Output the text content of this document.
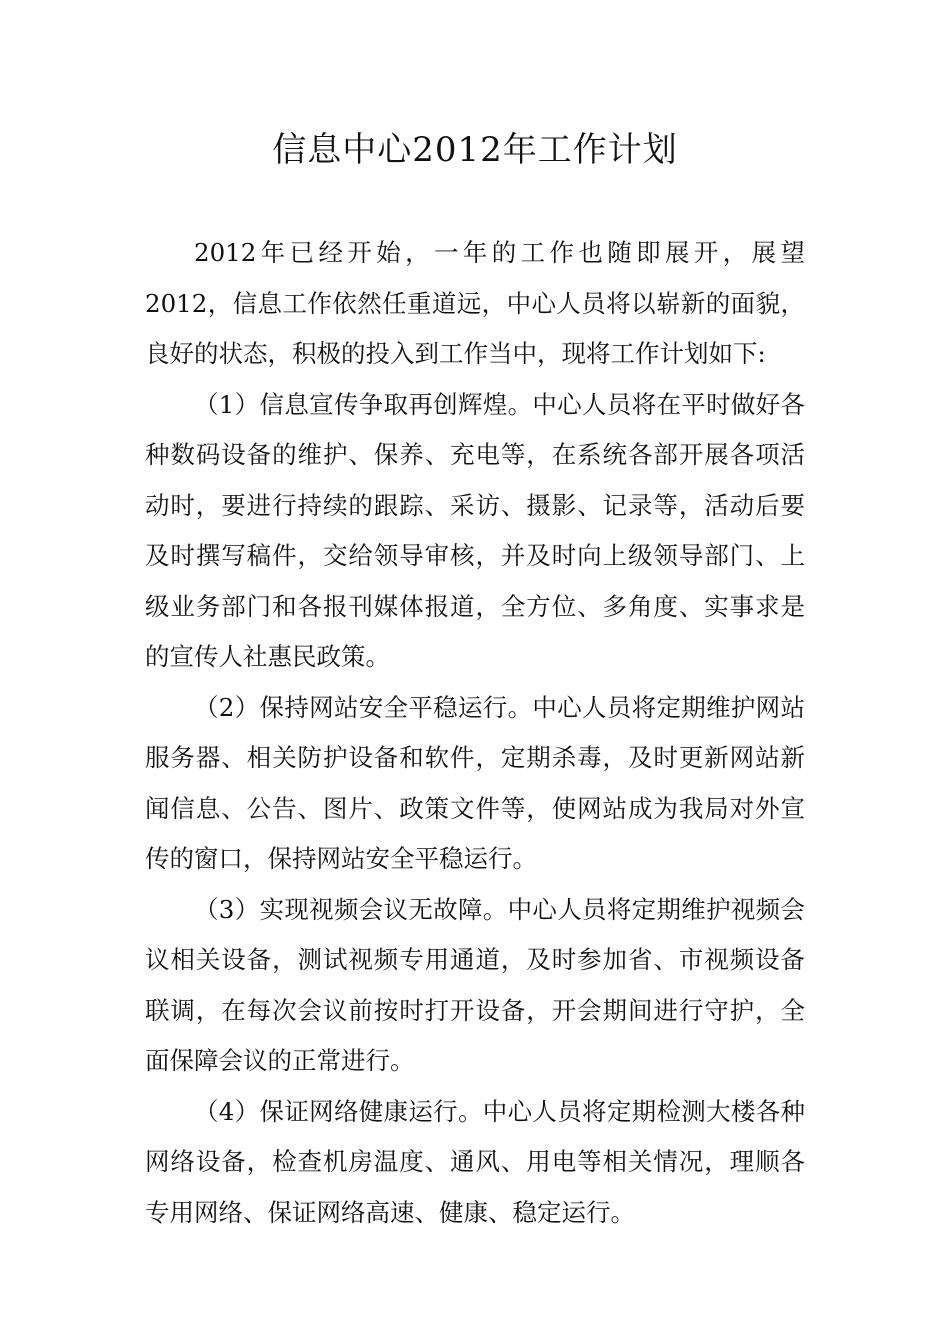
信息中心2012年工作计划

2012年已经开始，一年的工作也随即展开，展望2012，信息工作依然任重道远，中心人员将以崭新的面貌，良好的状态，积极的投入到工作当中，现将工作计划如下:

（1）信息宣传争取再创辉煌。中心人员将在平时做好各种数码设备的维护、保养、充电等，在系统各部开展各项活动时，要进行持续的跟踪、采访、摄影、记录等，活动后要及时撰写稿件，交给领导审核，并及时向上级领导部门、上级业务部门和各报刊媒体报道，全方位、多角度、实事求是的宣传人社惠民政策。

（2）保持网站安全平稳运行。中心人员将定期维护网站服务器、相关防护设备和软件，定期杀毒，及时更新网站新闻信息、公告、图片、政策文件等，使网站成为我局对外宣传的窗口，保持网站安全平稳运行。

（3）实现视频会议无故障。中心人员将定期维护视频会议相关设备，测试视频专用通道，及时参加省、市视频设备联调，在每次会议前按时打开设备，开会期间进行守护，全面保障会议的正常进行。

（4）保证网络健康运行。中心人员将定期检测大楼各种网络设备，检查机房温度、通风、用电等相关情况，理顺各专用网络、保证网络高速、健康、稳定运行。
